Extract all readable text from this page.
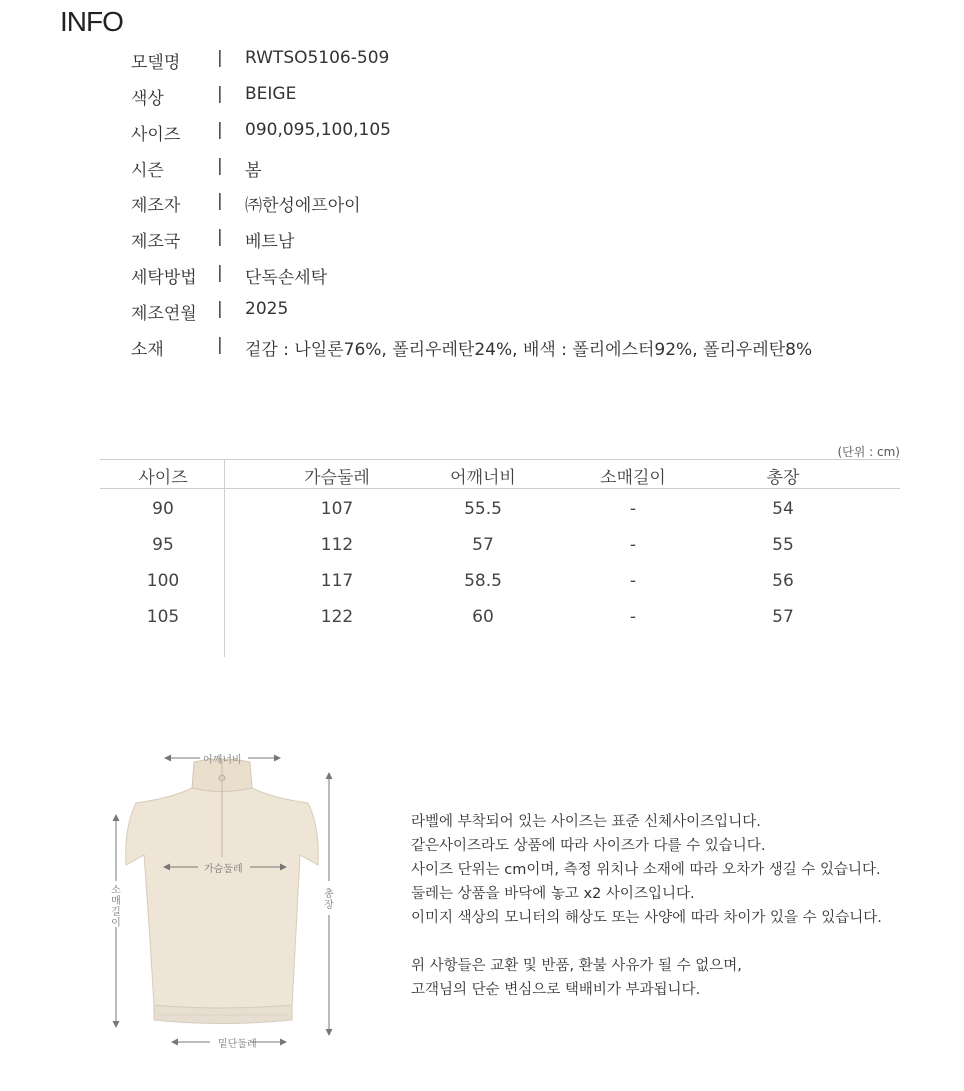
INFO
모델명 | RWTSO5106-509
색상	| BEIGE
사이즈 | 090,095,100,105
시즌	| 봄
제조자 | ㈜한성에프아이
제조국 | 베트남
세탁방법 | 단독손세탁
제조연월 | 2025
소재	| 겉감 : 나일론76%, 폴리우레탄24%, 배색 : 폴리에스터92%, 폴리우레탄8%
(단위 : cm)
사이즈	가슴둘레	어깨너비	소매길이	총장
90	107	55.5	-	54
95	112	57	-	55
100	117	58.5	-	56
105	122	60	-	57
어깨너비
가슴둘레
밑단둘레
소매길이
총장

라벨에 부착되어 있는 사이즈는 표준 신체사이즈입니다.

같은사이즈라도 상품에 따라 사이즈가 다를 수 있습니다.

사이즈 단위는 cm이며, 측정 위치나 소재에 따라 오차가 생길 수 있습니다.

둘레는 상품을 바닥에 놓고 x2 사이즈입니다.

이미지 색상의 모니터의 해상도 또는 사양에 따라 차이가 있을 수 있습니다.

위 사항들은 교환 및 반품, 환불 사유가 될 수 없으며,

고객님의 단순 변심으로 택배비가 부과됩니다.
